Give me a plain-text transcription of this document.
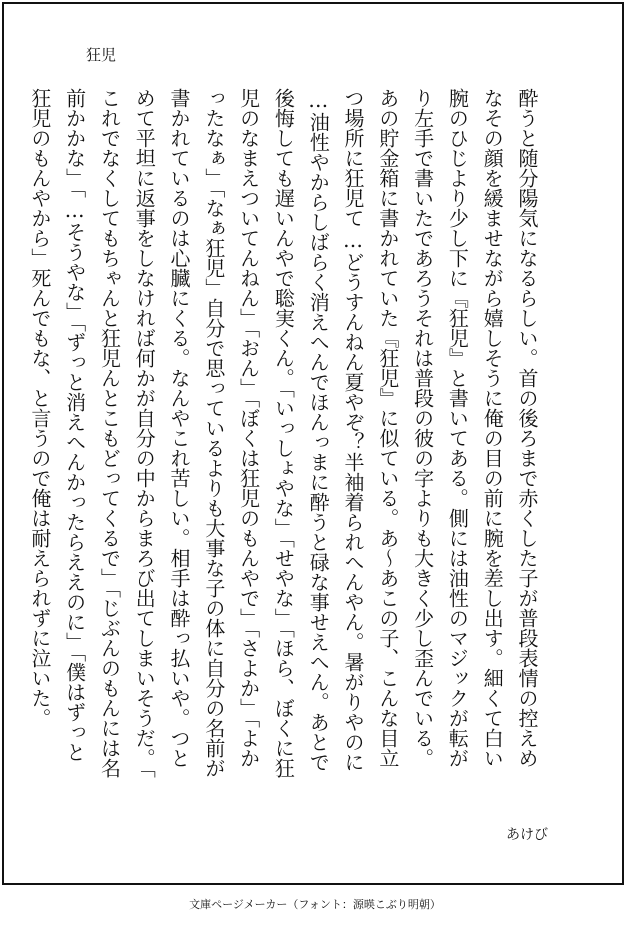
狂児

酔うと随分陽気になるらしい。首の後ろまで赤くした子が普段表情の控えめなその顔を緩ませながら嬉しそうに俺の目の前に腕を差し出す。細くて白い腕のひじより少し下に『狂児』と書いてある。側には油性のマジックが転がり左手で書いたであろうそれは普段の彼の字よりも大きく少し歪んでいる。あの貯金箱に書かれていた『狂児』に似ている。あ〜あこの子、こんな目立つ場所に狂児て…どうすんねん夏やぞ？半袖着られへんやん。暑がりやのに…油性やからしばらく消えへんでほんっまに酔うと碌な事せえへん。あとで後悔しても遅いんやで聡実くん。「いっしょやな」「せやな」「ほら、ぼくに狂児のなまえついてんねん」「おん」「ぼくは狂児のもんやで」「さよか」「よかったなぁ」「なぁ狂児」自分で思っているよりも大事な子の体に自分の名前が書かれているのは心臓にくる。なんやこれ苦しい。相手は酔っ払いや。つとめて平坦に返事をしなければ何かが自分の中からまろび出てしまいそうだ。「これでなくしてもちゃんと狂児んとこもどってくるで」「じぶんのもんには名前かかな」「…そうやな」「ずっと消えへんかったらええのに」「僕はずっと狂児のもんやから」死んでもな、と言うので俺は耐えられずに泣いた。

あけび
文庫ページメーカー（フォント：源暎こぶり明朝）
